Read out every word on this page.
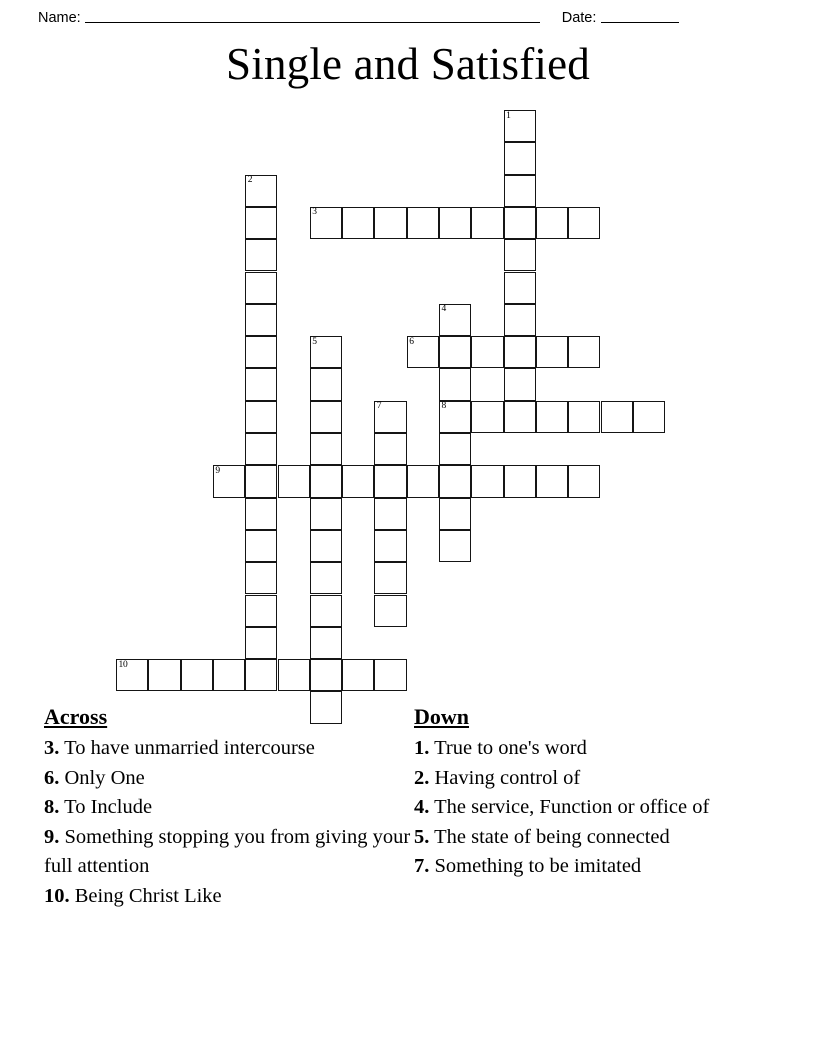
Name:	Date:
Single and Satisfied
1
2
3
4
5	6
7	8
9
10
Across

3. To have unmarried intercourse

6. Only One

8. To Include

9. Something stopping you from giving your full attention

10. Being Christ Like

Down

1. True to one's word

2. Having control of

4. The service, Function or office of

5. The state of being connected

7. Something to be imitated
